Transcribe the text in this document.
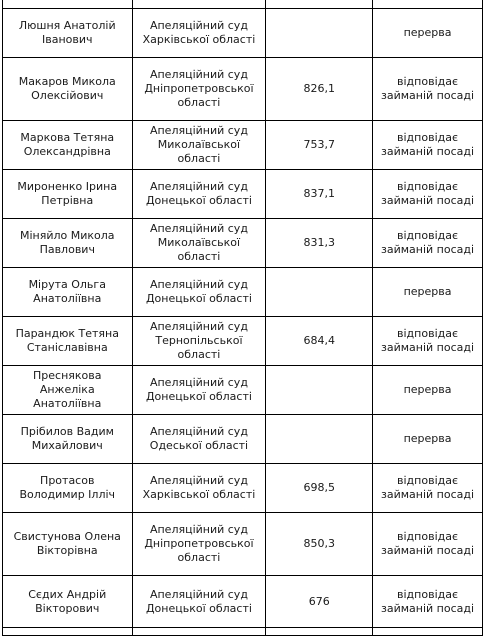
Люшня Анатолій Іванович	Апеляційний суд Харківської області		перерва
Макаров Микола Олексійович	Апеляційний суд Дніпропетровської області	826,1	відповідає займаній посаді
Маркова Тетяна Олександрівна	Апеляційний суд Миколаївської області	753,7	відповідає займаній посаді
Мироненко Ірина Петрівна	Апеляційний суд Донецької області	837,1	відповідає займаній посаді
Міняйло Микола Павлович	Апеляційний суд Миколаївської області	831,3	відповідає займаній посаді
Мірута Ольга Анатоліївна	Апеляційний суд Донецької області		перерва
Парандюк Тетяна Станіславівна	Апеляційний суд Тернопільської області	684,4	відповідає займаній посаді
Преснякова Анжеліка Анатоліївна	Апеляційний суд Донецької області		перерва
Прібилов Вадим Михайлович	Апеляційний суд Одеської області		перерва
Протасов Володимир Ілліч	Апеляційний суд Харківської області	698,5	відповідає займаній посаді
Свистунова Олена Вікторівна	Апеляційний суд Дніпропетровської області	850,3	відповідає займаній посаді
Сєдих Андрій Вікторович	Апеляційний суд Донецької області	676	відповідає займаній посаді
